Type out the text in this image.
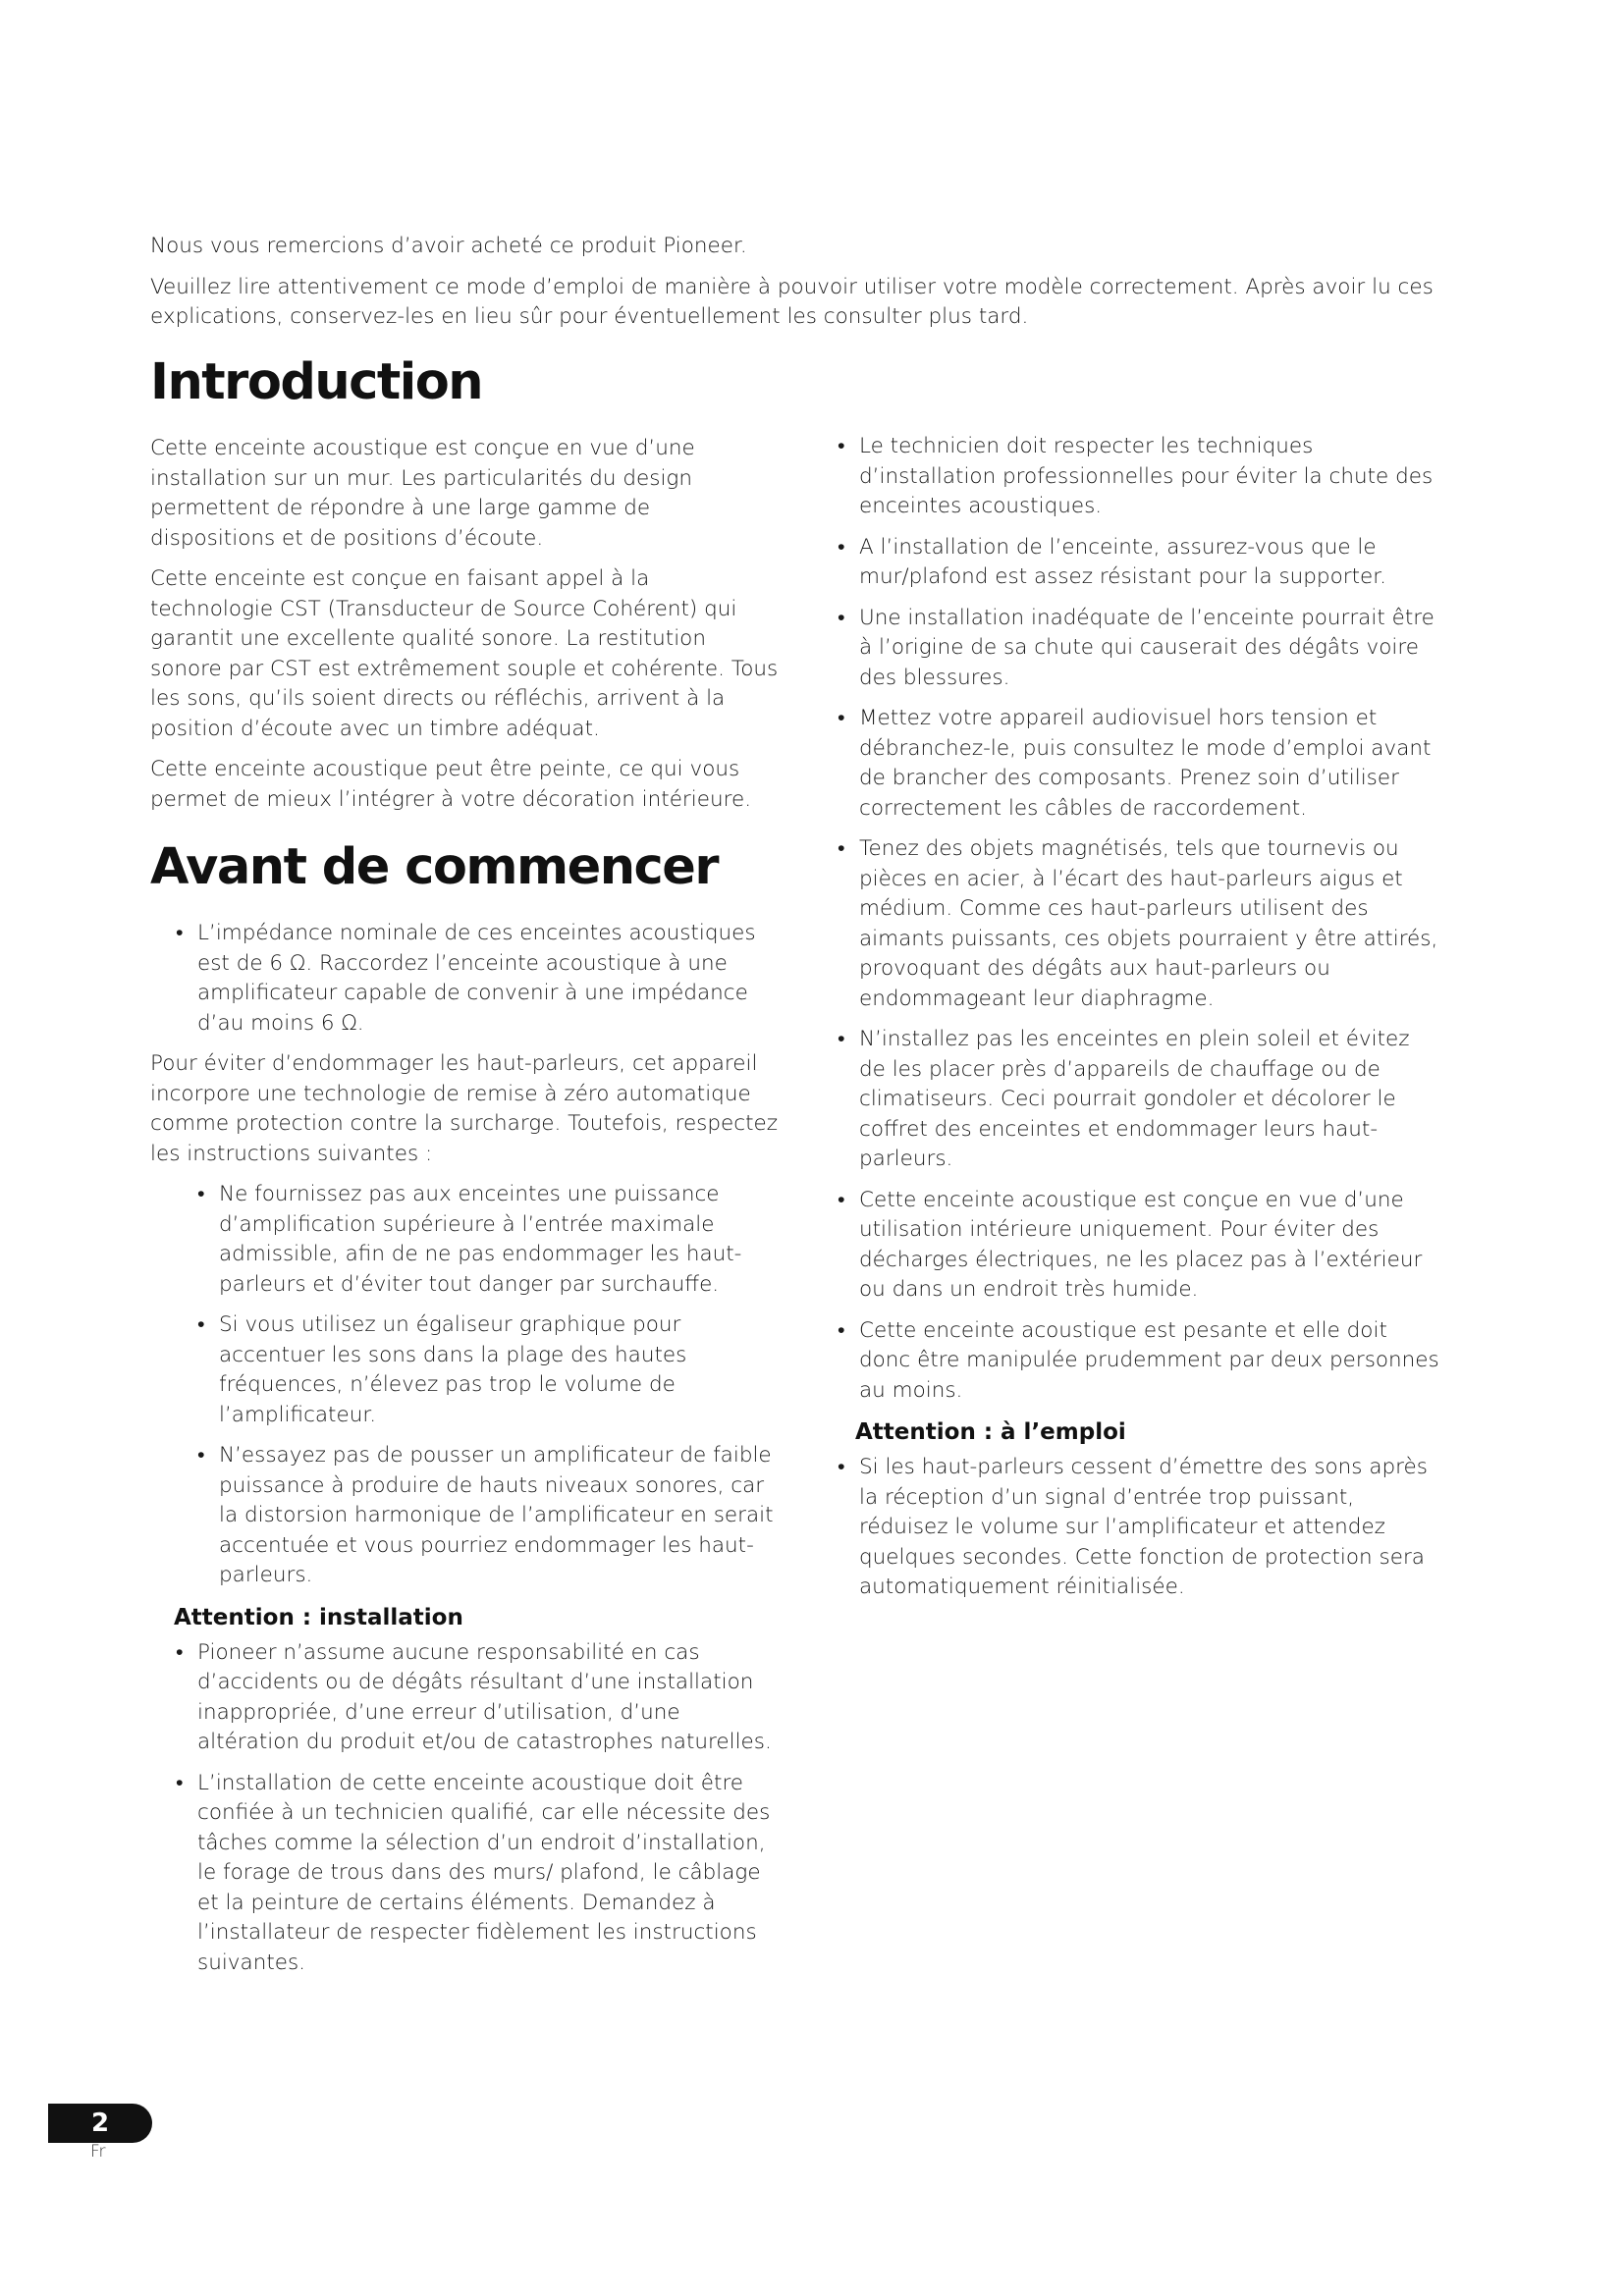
Nous vous remercions d’avoir acheté ce produit Pioneer.

Veuillez lire attentivement ce mode d’emploi de manière à pouvoir utiliser votre modèle correctement. Après avoir lu ces explications, conservez-les en lieu sûr pour éventuellement les consulter plus tard.

Introduction

Cette enceinte acoustique est conçue en vue d’une installation sur un mur. Les particularités du design permettent de répondre à une large gamme de dispositions et de positions d’écoute.

Cette enceinte est conçue en faisant appel à la technologie CST (Transducteur de Source Cohérent) qui garantit une excellente qualité sonore. La restitution sonore par CST est extrêmement souple et cohérente. Tous les sons, qu’ils soient directs ou réfléchis, arrivent à la position d’écoute avec un timbre adéquat.

Cette enceinte acoustique peut être peinte, ce qui vous permet de mieux l’intégrer à votre décoration intérieure.

Avant de commencer
• L’impédance nominale de ces enceintes acoustiques est de 6 Ω. Raccordez l’enceinte acoustique à une amplificateur capable de convenir à une impédance d’au moins 6 Ω.

Pour éviter d’endommager les haut-parleurs, cet appareil incorpore une technologie de remise à zéro automatique comme protection contre la surcharge. Toutefois, respectez les instructions suivantes :

• Ne fournissez pas aux enceintes une puissance d’amplification supérieure à l’entrée maximale admissible, afin de ne pas endommager les haut-parleurs et d’éviter tout danger par surchauffe.
• Si vous utilisez un égaliseur graphique pour accentuer les sons dans la plage des hautes fréquences, n’élevez pas trop le volume de l’amplificateur.
• N’essayez pas de pousser un amplificateur de faible puissance à produire de hauts niveaux sonores, car la distorsion harmonique de l’amplificateur en serait accentuée et vous pourriez endommager les haut-parleurs.
Attention : installation
• Pioneer n’assume aucune responsabilité en cas d’accidents ou de dégâts résultant d’une installation inappropriée, d’une erreur d’utilisation, d’une altération du produit et/ou de catastrophes naturelles.
• L’installation de cette enceinte acoustique doit être confiée à un technicien qualifié, car elle nécessite des tâches comme la sélection d’un endroit d’installation, le forage de trous dans des murs/ plafond, le câblage et la peinture de certains éléments. Demandez à l’installateur de respecter fidèlement les instructions suivantes.
• Le technicien doit respecter les techniques d’installation professionnelles pour éviter la chute des enceintes acoustiques.
• A l’installation de l’enceinte, assurez-vous que le mur/plafond est assez résistant pour la supporter.
• Une installation inadéquate de l’enceinte pourrait être à l’origine de sa chute qui causerait des dégâts voire des blessures.
• Mettez votre appareil audiovisuel hors tension et débranchez-le, puis consultez le mode d’emploi avant de brancher des composants. Prenez soin d’utiliser correctement les câbles de raccordement.
• Tenez des objets magnétisés, tels que tournevis ou pièces en acier, à l’écart des haut-parleurs aigus et médium. Comme ces haut-parleurs utilisent des aimants puissants, ces objets pourraient y être attirés, provoquant des dégâts aux haut-parleurs ou endommageant leur diaphragme.
• N’installez pas les enceintes en plein soleil et évitez de les placer près d’appareils de chauffage ou de climatiseurs. Ceci pourrait gondoler et décolorer le coffret des enceintes et endommager leurs haut-parleurs.
• Cette enceinte acoustique est conçue en vue d’une utilisation intérieure uniquement. Pour éviter des décharges électriques, ne les placez pas à l’extérieur ou dans un endroit très humide.
• Cette enceinte acoustique est pesante et elle doit donc être manipulée prudemment par deux personnes au moins.
Attention : à l’emploi
• Si les haut-parleurs cessent d’émettre des sons après la réception d’un signal d’entrée trop puissant, réduisez le volume sur l’amplificateur et attendez quelques secondes. Cette fonction de protection sera automatiquement réinitialisée.
2
Fr
